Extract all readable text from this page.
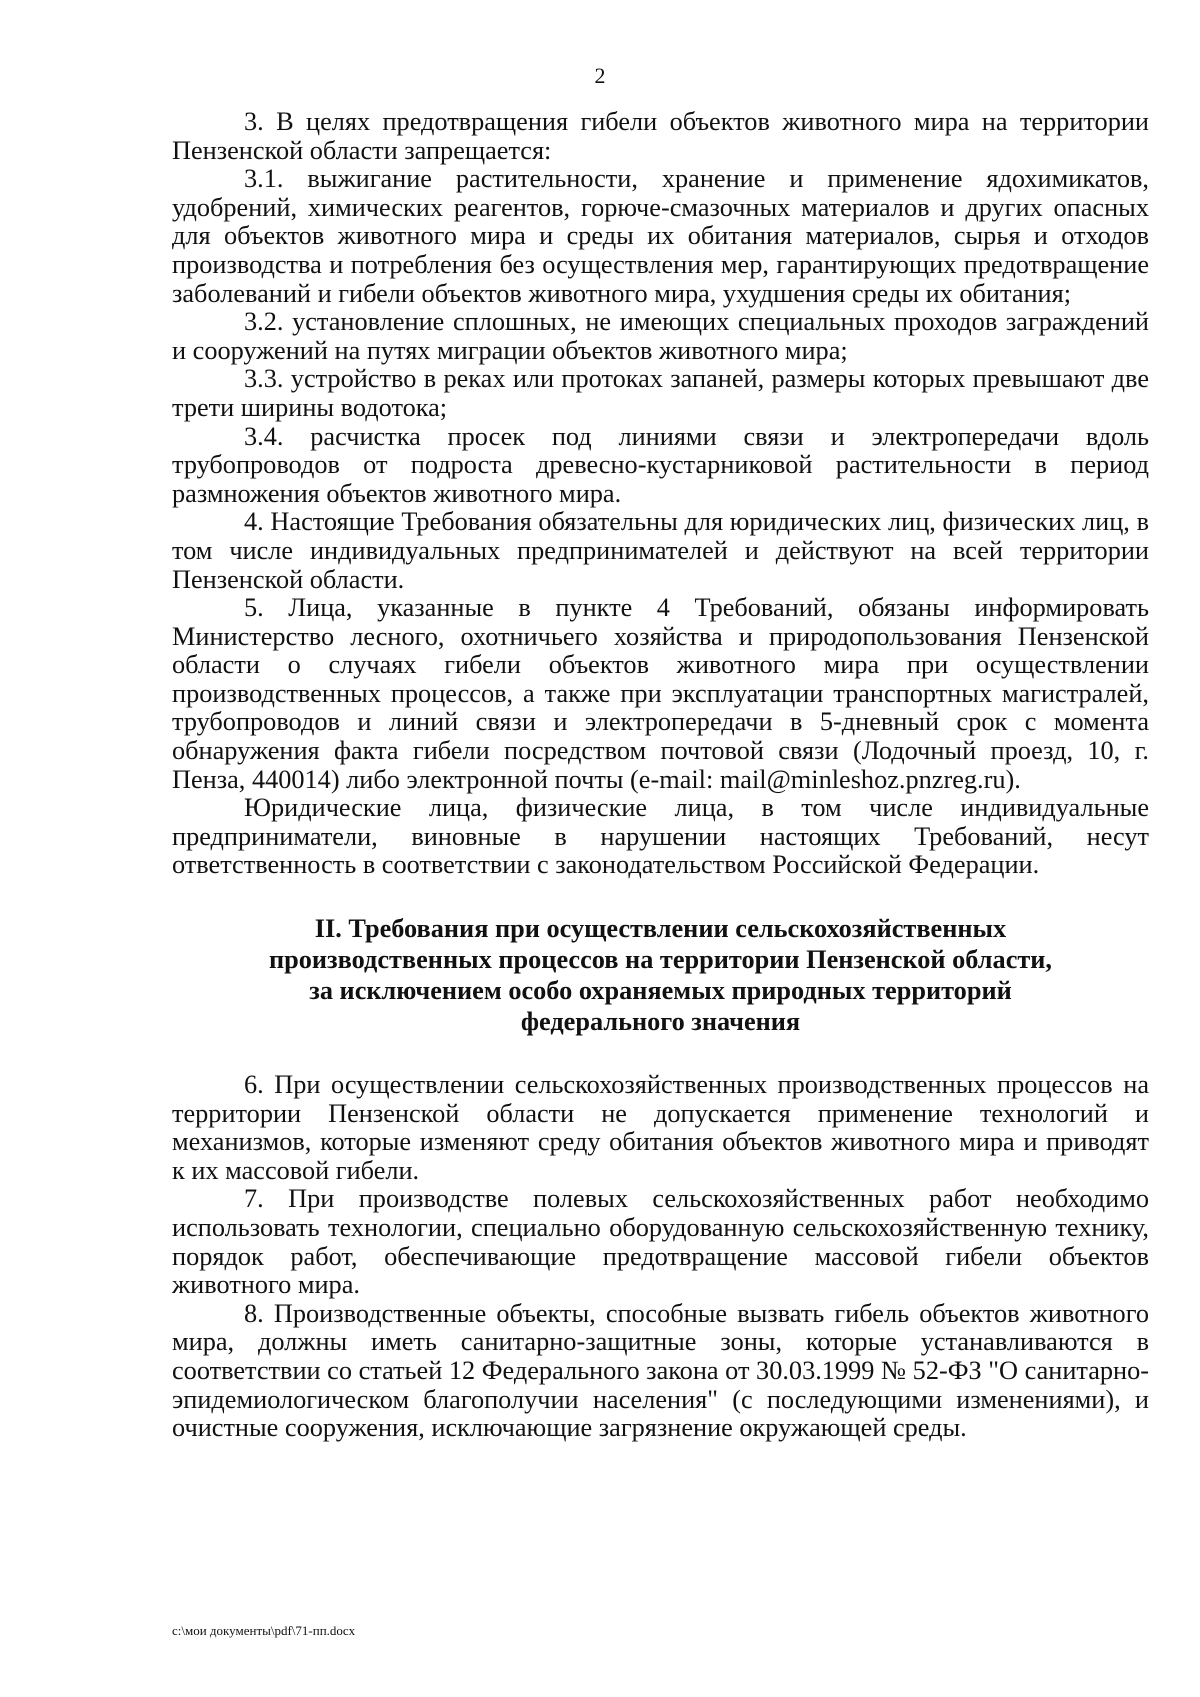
2

3. В целях предотвращения гибели объектов животного мира на территории Пензенской области запрещается:

3.1. выжигание растительности, хранение и применение ядохимикатов, удобрений, химических реагентов, горюче-смазочных материалов и других опасных для объектов животного мира и среды их обитания материалов, сырья и отходов производства и потребления без осуществления мер, гарантирующих предотвращение заболеваний и гибели объектов животного мира, ухудшения среды их обитания;

3.2. установление сплошных, не имеющих специальных проходов заграждений и сооружений на путях миграции объектов животного мира;

3.3. устройство в реках или протоках запаней, размеры которых превышают две трети ширины водотока;

3.4. расчистка просек под линиями связи и электропередачи вдоль трубопроводов от подроста древесно-кустарниковой растительности в период размножения объектов животного мира.

4. Настоящие Требования обязательны для юридических лиц, физических лиц, в том числе индивидуальных предпринимателей и действуют на всей территории Пензенской области.

5. Лица, указанные в пункте 4 Требований, обязаны информировать Министерство лесного, охотничьего хозяйства и природопользования Пензенской области о случаях гибели объектов животного мира при осуществлении производственных процессов, а также при эксплуатации транспортных магистралей, трубопроводов и линий связи и электропередачи в 5-дневный срок с момента обнаружения факта гибели посредством почтовой связи (Лодочный проезд, 10, г. Пенза, 440014) либо электронной почты (e-mail: mail@minleshoz.pnzreg.ru).

Юридические лица, физические лица, в том числе индивидуальные предприниматели, виновные в нарушении настоящих Требований, несут ответственность в соответствии с законодательством Российской Федерации.

II. Требования при осуществлении сельскохозяйственных
производственных процессов на территории Пензенской области,
за исключением особо охраняемых природных территорий
федерального значения

6. При осуществлении сельскохозяйственных производственных процессов на территории Пензенской области не допускается применение технологий и механизмов, которые изменяют среду обитания объектов животного мира и приводят к их массовой гибели.

7. При производстве полевых сельскохозяйственных работ необходимо использовать технологии, специально оборудованную сельскохозяйственную технику, порядок работ, обеспечивающие предотвращение массовой гибели объектов животного мира.

8. Производственные объекты, способные вызвать гибель объектов животного мира, должны иметь санитарно-защитные зоны, которые устанавливаются в соответствии со статьей 12 Федерального закона от 30.03.1999 № 52-ФЗ "О санитарно-эпидемиологическом благополучии населения" (с последующими изменениями), и очистные сооружения, исключающие загрязнение окружающей среды.

c:\мои документы\pdf\71-пп.docx
